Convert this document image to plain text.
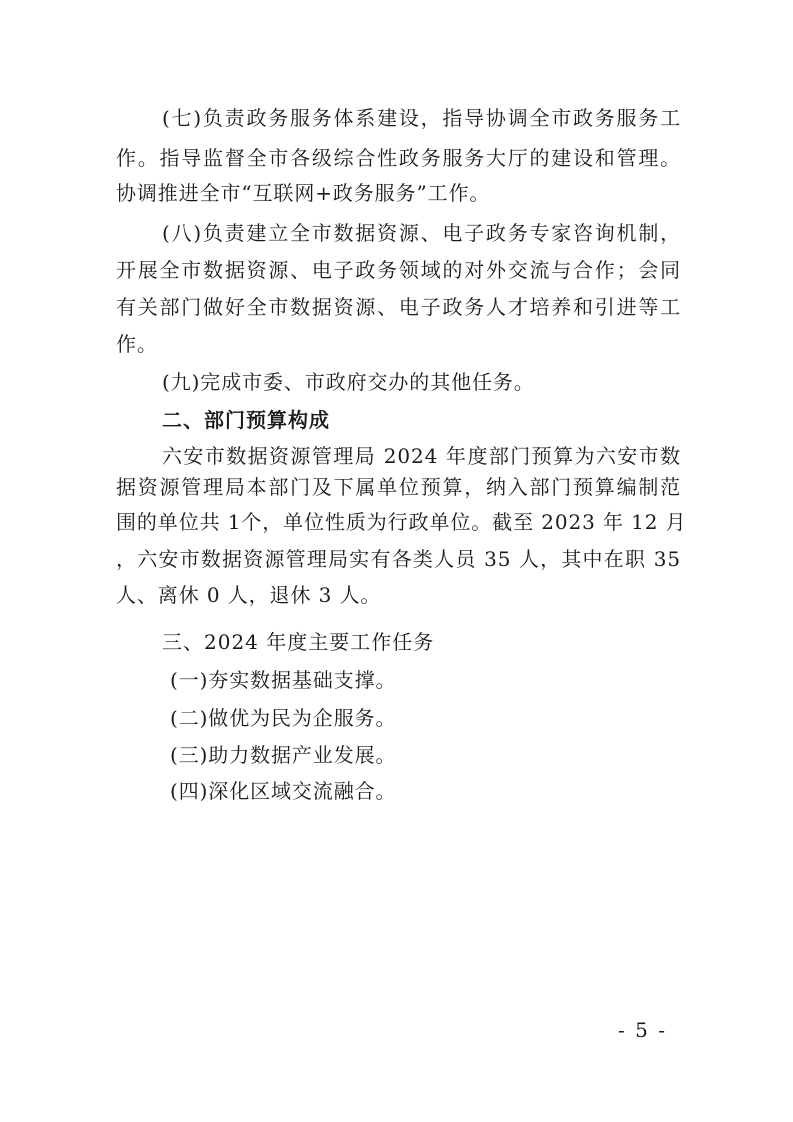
(七)负责政务服务体系建设，指导协调全市政务服务工
作。指导监督全市各级综合性政务服务大厅的建设和管理。
协调推进全市“互联网+政务服务”工作。
(八)负责建立全市数据资源、电子政务专家咨询机制，
开展全市数据资源、电子政务领域的对外交流与合作；会同
有关部门做好全市数据资源、电子政务人才培养和引进等工
作。
(九)完成市委、市政府交办的其他任务。
二、部门预算构成
六安市数据资源管理局 2024 年度部门预算为六安市数
据资源管理局本部门及下属单位预算，纳入部门预算编制范
围的单位共 1个，单位性质为行政单位。截至 2023 年 12 月
，六安市数据资源管理局实有各类人员 35 人，其中在职 35
人、离休 0 人，退休 3 人。
三、2024 年度主要工作任务
(一)夯实数据基础支撑。
(二)做优为民为企服务。
(三)助力数据产业发展。
(四)深化区域交流融合。
- 5 -
